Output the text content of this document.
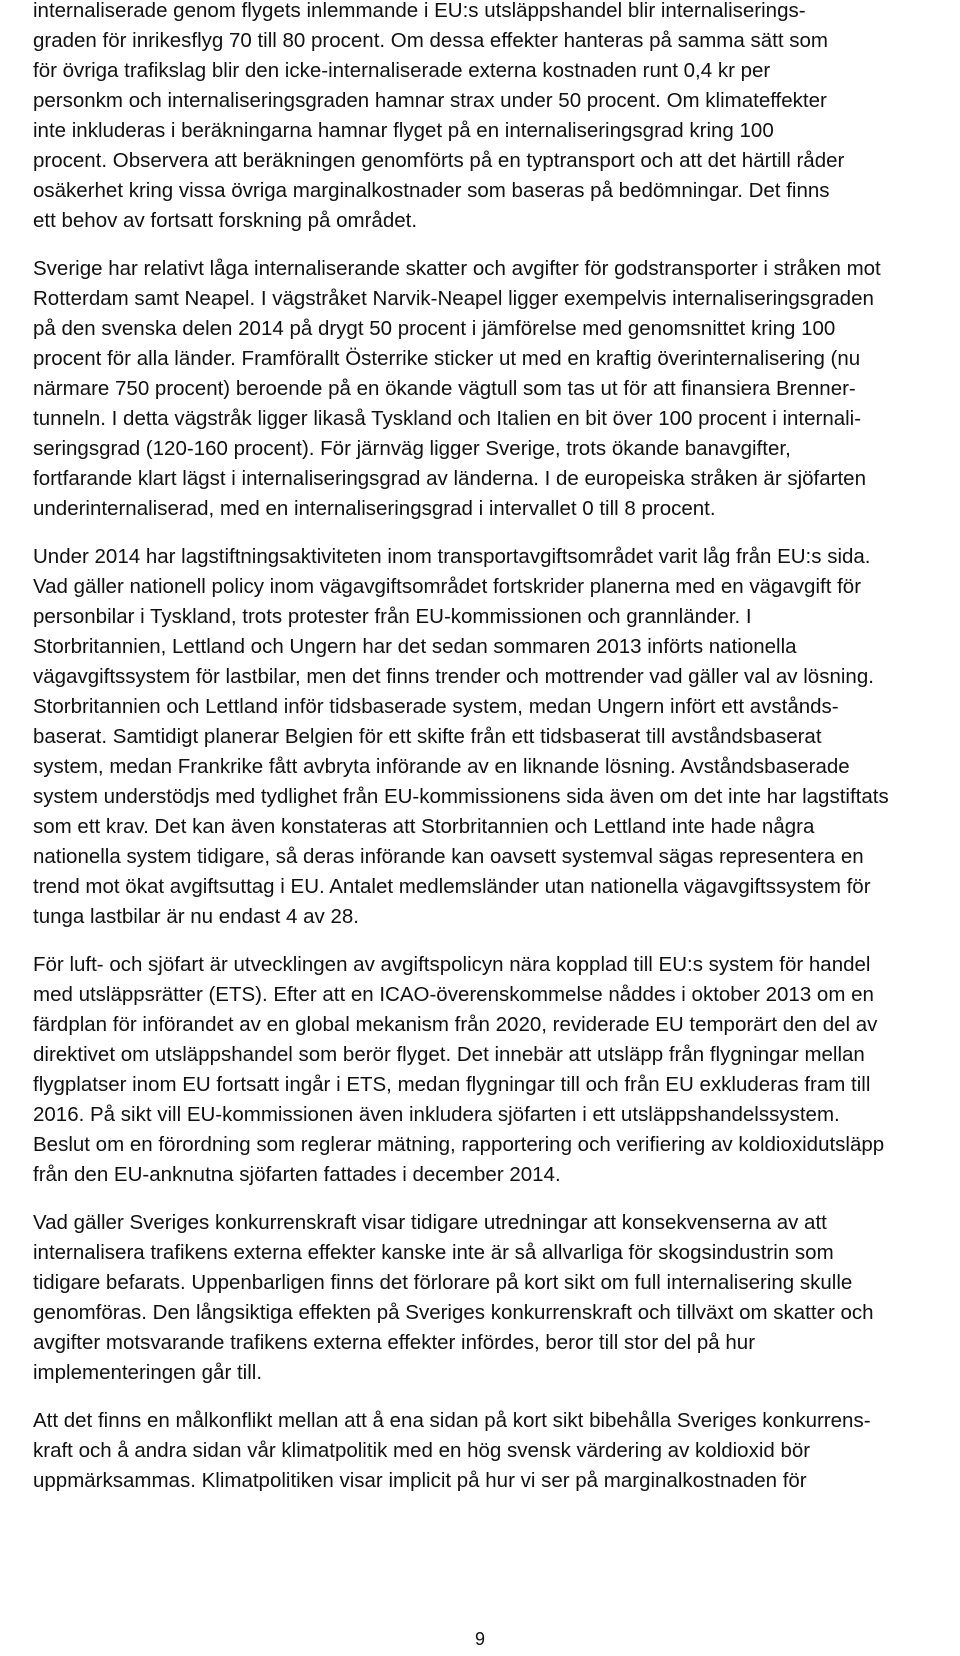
internaliserade genom flygets inlemmande i EU:s utsläppshandel blir internaliserings-
graden för inrikesflyg 70 till 80 procent. Om dessa effekter hanteras på samma sätt som
för övriga trafikslag blir den icke-internaliserade externa kostnaden runt 0,4 kr per
personkm och internaliseringsgraden hamnar strax under 50 procent. Om klimateffekter
inte inkluderas i beräkningarna hamnar flyget på en internaliseringsgrad kring 100
procent. Observera att beräkningen genomförts på en typtransport och att det härtill råder
osäkerhet kring vissa övriga marginalkostnader som baseras på bedömningar. Det finns
ett behov av fortsatt forskning på området.

Sverige har relativt låga internaliserande skatter och avgifter för godstransporter i stråken mot
Rotterdam samt Neapel. I vägstråket Narvik-Neapel ligger exempelvis internaliseringsgraden
på den svenska delen 2014 på drygt 50 procent i jämförelse med genomsnittet kring 100
procent för alla länder. Framförallt Österrike sticker ut med en kraftig överinternalisering (nu
närmare 750 procent) beroende på en ökande vägtull som tas ut för att finansiera Brenner-
tunneln. I detta vägstråk ligger likaså Tyskland och Italien en bit över 100 procent i internali-
seringsgrad (120-160 procent). För järnväg ligger Sverige, trots ökande banavgifter,
fortfarande klart lägst i internaliseringsgrad av länderna. I de europeiska stråken är sjöfarten
underinternaliserad, med en internaliseringsgrad i intervallet 0 till 8 procent.

Under 2014 har lagstiftningsaktiviteten inom transportavgiftsområdet varit låg från EU:s sida.
Vad gäller nationell policy inom vägavgiftsområdet fortskrider planerna med en vägavgift för
personbilar i Tyskland, trots protester från EU-kommissionen och grannländer. I
Storbritannien, Lettland och Ungern har det sedan sommaren 2013 införts nationella
vägavgiftssystem för lastbilar, men det finns trender och mottrender vad gäller val av lösning.
Storbritannien och Lettland inför tidsbaserade system, medan Ungern infört ett avstånds-
baserat. Samtidigt planerar Belgien för ett skifte från ett tidsbaserat till avståndsbaserat
system, medan Frankrike fått avbryta införande av en liknande lösning. Avståndsbaserade
system understödjs med tydlighet från EU-kommissionens sida även om det inte har lagstiftats
som ett krav. Det kan även konstateras att Storbritannien och Lettland inte hade några
nationella system tidigare, så deras införande kan oavsett systemval sägas representera en
trend mot ökat avgiftsuttag i EU. Antalet medlemsländer utan nationella vägavgiftssystem för
tunga lastbilar är nu endast 4 av 28.

För luft- och sjöfart är utvecklingen av avgiftspolicyn nära kopplad till EU:s system för handel
med utsläppsrätter (ETS). Efter att en ICAO-överenskommelse nåddes i oktober 2013 om en
färdplan för införandet av en global mekanism från 2020, reviderade EU temporärt den del av
direktivet om utsläppshandel som berör flyget. Det innebär att utsläpp från flygningar mellan
flygplatser inom EU fortsatt ingår i ETS, medan flygningar till och från EU exkluderas fram till
2016. På sikt vill EU-kommissionen även inkludera sjöfarten i ett utsläppshandelssystem.
Beslut om en förordning som reglerar mätning, rapportering och verifiering av koldioxidutsläpp
från den EU-anknutna sjöfarten fattades i december 2014.

Vad gäller Sveriges konkurrenskraft visar tidigare utredningar att konsekvenserna av att
internalisera trafikens externa effekter kanske inte är så allvarliga för skogsindustrin som
tidigare befarats. Uppenbarligen finns det förlorare på kort sikt om full internalisering skulle
genomföras. Den långsiktiga effekten på Sveriges konkurrenskraft och tillväxt om skatter och
avgifter motsvarande trafikens externa effekter infördes, beror till stor del på hur
implementeringen går till.

Att det finns en målkonflikt mellan att å ena sidan på kort sikt bibehålla Sveriges konkurrens-
kraft och å andra sidan vår klimatpolitik med en hög svensk värdering av koldioxid bör
uppmärksammas. Klimatpolitiken visar implicit på hur vi ser på marginalkostnaden för

9
